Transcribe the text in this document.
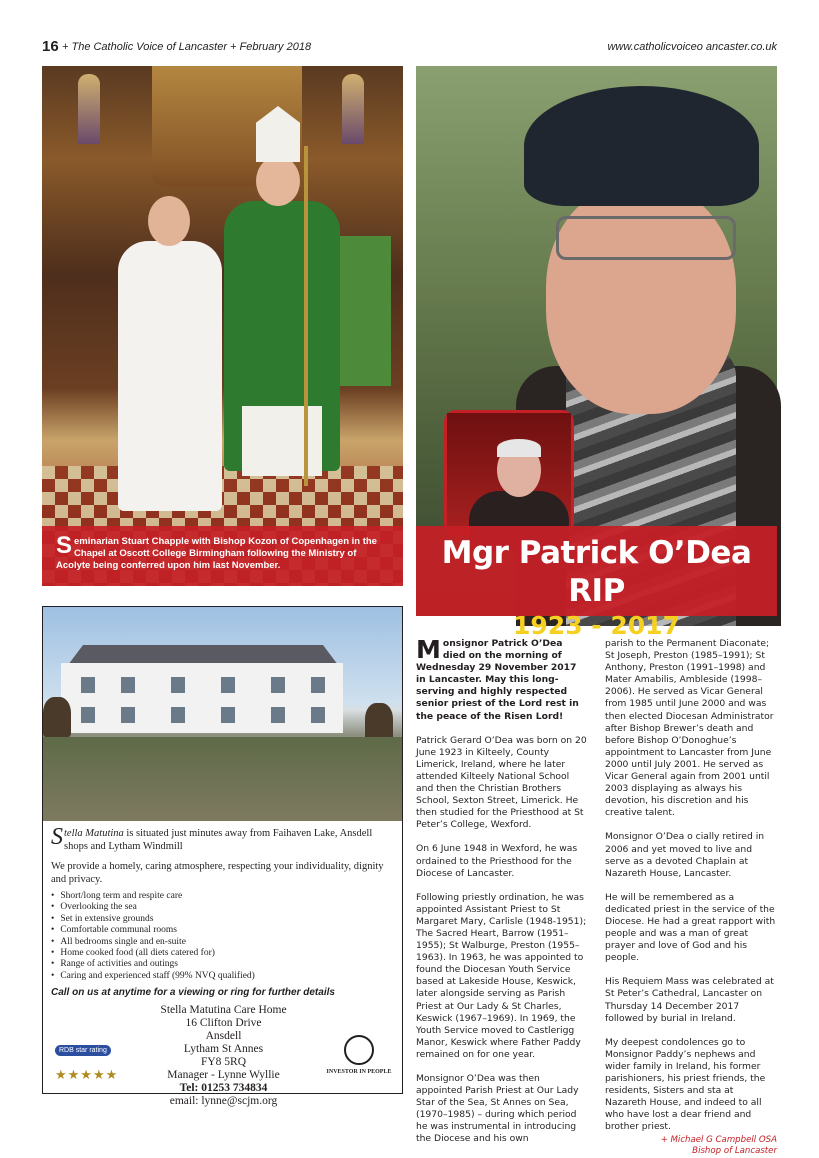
16 + The Catholic Voice of Lancaster + February 2018	www.catholicvoiceo ancaster.co.uk

Seminarian Stuart Chapple with Bishop Kozon of Copenhagen in the Chapel at Oscott College Birmingham following the Ministry of Acolyte being conferred upon him last November.	Mgr Patrick O’Dea RIP
1923 - 2017

Stella Matutina is situated just minutes away from Faihaven Lake, Ansdell shops and Lytham Windmill

We provide a homely, caring atmosphere, respecting your individuality, dignity and privacy.

• Short/long term and respite care
• Overlooking the sea
• Set in extensive grounds
• Comfortable communal rooms
• All bedrooms single and en-suite
• Home cooked food (all diets catered for)
• Range of activities and outings
• Caring and experienced staff (99% NVQ qualified)

Call on us at anytime for a viewing or ring for further details

Stella Matutina Care Home
16 Clifton Drive
Ansdell
Lytham St Annes
FY8 5RQ
Manager - Lynne Wyllie
Tel: 01253 734834
email: lynne@scjm.org
RDB star rating
★★★★★	INVESTOR IN PEOPLE

Monsignor Patrick O’Dea died on the morning of Wednesday 29 November 2017 in Lancaster. May this long-serving and highly respected senior priest of the Lord rest in the peace of the Risen Lord!

Patrick Gerard O’Dea was born on 20 June 1923 in Kilteely, County Limerick, Ireland, where he later attended Kilteely National School and then the Christian Brothers School, Sexton Street, Limerick. He then studied for the Priesthood at St Peter’s College, Wexford.

On 6 June 1948 in Wexford, he was ordained to the Priesthood for the Diocese of Lancaster.

Following priestly ordination, he was appointed Assistant Priest to St Margaret Mary, Carlisle (1948-1951); The Sacred Heart, Barrow (1951–1955); St Walburge, Preston (1955–1963). In 1963, he was appointed to found the Diocesan Youth Service based at Lakeside House, Keswick, later alongside serving as Parish Priest at Our Lady & St Charles, Keswick (1967–1969). In 1969, the Youth Service moved to Castlerigg Manor, Keswick where Father Paddy remained on for one year.

Monsignor O’Dea was then appointed Parish Priest at Our Lady Star of the Sea, St Annes on Sea, (1970–1985) – during which period he was instrumental in introducing the Diocese and his own

parish to the Permanent Diaconate; St Joseph, Preston (1985–1991); St Anthony, Preston (1991–1998) and Mater Amabilis, Ambleside (1998–2006). He served as Vicar General from 1985 until June 2000 and was then elected Diocesan Administrator after Bishop Brewer’s death and before Bishop O’Donoghue’s appointment to Lancaster from June 2000 until July 2001. He served as Vicar General again from 2001 until 2003 displaying as always his devotion, his discretion and his creative talent.

Monsignor O’Dea o cially retired in 2006 and yet moved to live and serve as a devoted Chaplain at Nazareth House, Lancaster.

He will be remembered as a dedicated priest in the service of the Diocese. He had a great rapport with people and was a man of great prayer and love of God and his people.

His Requiem Mass was celebrated at St Peter’s Cathedral, Lancaster on Thursday 14 December 2017 followed by burial in Ireland.

My deepest condolences go to Monsignor Paddy’s nephews and wider family in Ireland, his former parishioners, his priest friends, the residents, Sisters and sta at Nazareth House, and indeed to all who have lost a dear friend and brother priest.

+ Michael G Campbell OSA
Bishop of Lancaster
